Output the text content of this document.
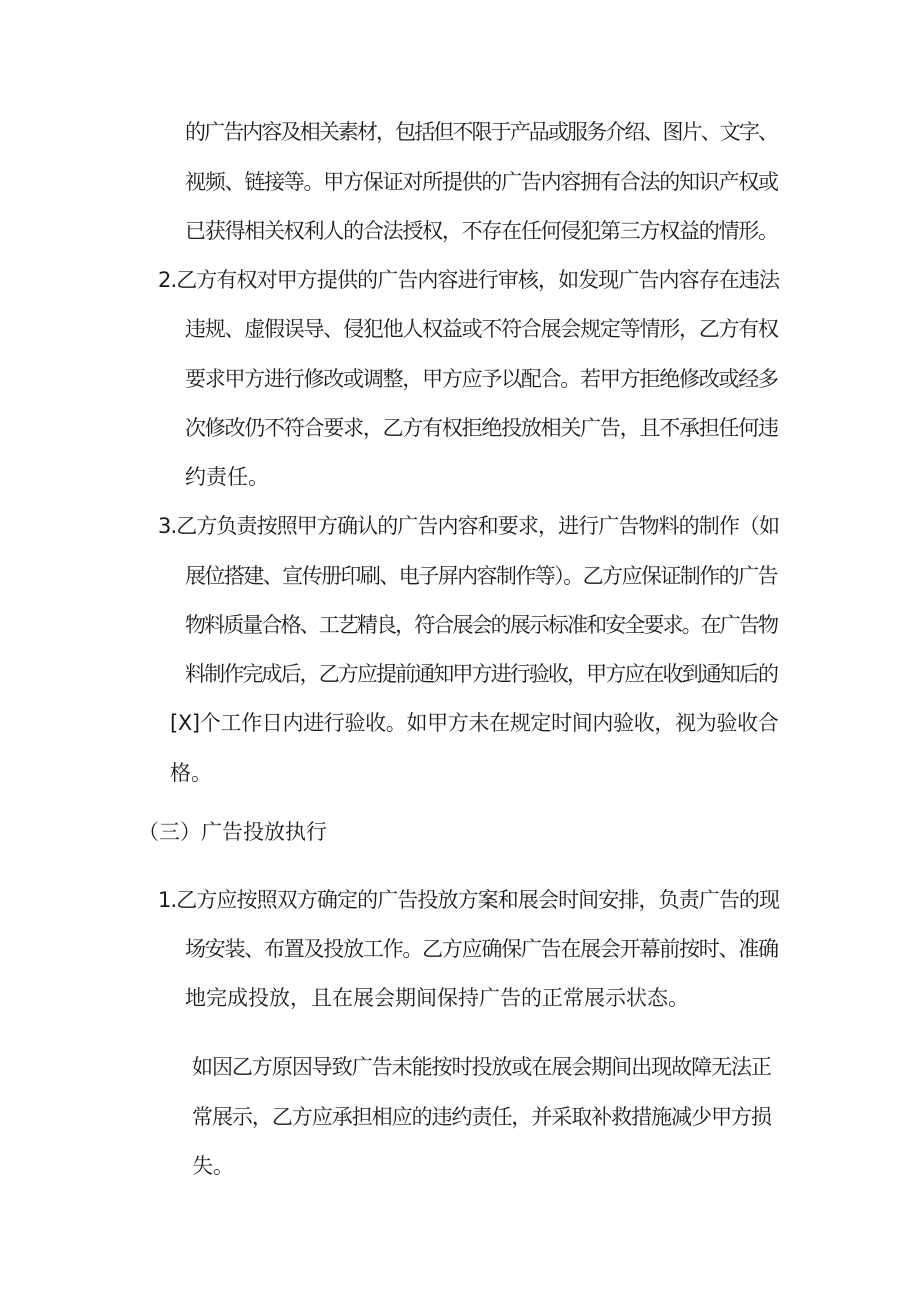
的广告内容及相关素材，包括但不限于产品或服务介绍、图片、文字、

视频、链接等。甲方保证对所提供的广告内容拥有合法的知识产权或

已获得相关权利人的合法授权，不存在任何侵犯第三方权益的情形。

2.乙方有权对甲方提供的广告内容进行审核，如发现广告内容存在违法

违规、虚假误导、侵犯他人权益或不符合展会规定等情形，乙方有权

要求甲方进行修改或调整，甲方应予以配合。若甲方拒绝修改或经多

次修改仍不符合要求，乙方有权拒绝投放相关广告，且不承担任何违

约责任。

3.乙方负责按照甲方确认的广告内容和要求，进行广告物料的制作（如

展位搭建、宣传册印刷、电子屏内容制作等）。乙方应保证制作的广告

物料质量合格、工艺精良，符合展会的展示标准和安全要求。在广告物

料制作完成后，乙方应提前通知甲方进行验收，甲方应在收到通知后的

[X]个工作日内进行验收。如甲方未在规定时间内验收，视为验收合

格。

（三）广告投放执行

1.乙方应按照双方确定的广告投放方案和展会时间安排，负责广告的现

场安装、布置及投放工作。乙方应确保广告在展会开幕前按时、准确

地完成投放，且在展会期间保持广告的正常展示状态。

如因乙方原因导致广告未能按时投放或在展会期间出现故障无法正

常展示，乙方应承担相应的违约责任，并采取补救措施减少甲方损

失。
